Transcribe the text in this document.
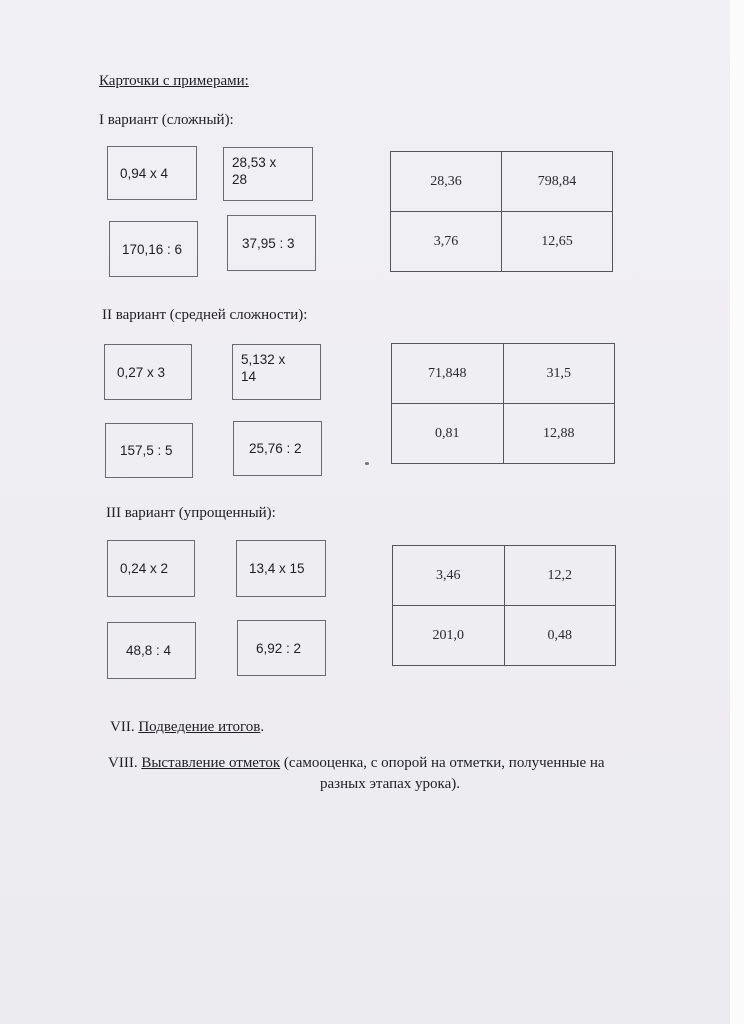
Карточки с примерами:
I вариант (сложный):
0,94 х 4
28,53 х
28
170,16 : 6	37,95 : 3
28,36	798,84
3,76	12,65
II вариант (средней сложности):
0,27 х 3
5,132 х
14
157,5 : 5	25,76 : 2
71,848	31,5
0,81	12,88
III вариант (упрощенный):
0,24 х 2	13,4 х 15
48,8 : 4	6,92 : 2
3,46	12,2
201,0	0,48
VII. Подведение итогов.
VIII. Выставление отметок (самооценка, с опорой на отметки, полученные на
разных этапах урока).
